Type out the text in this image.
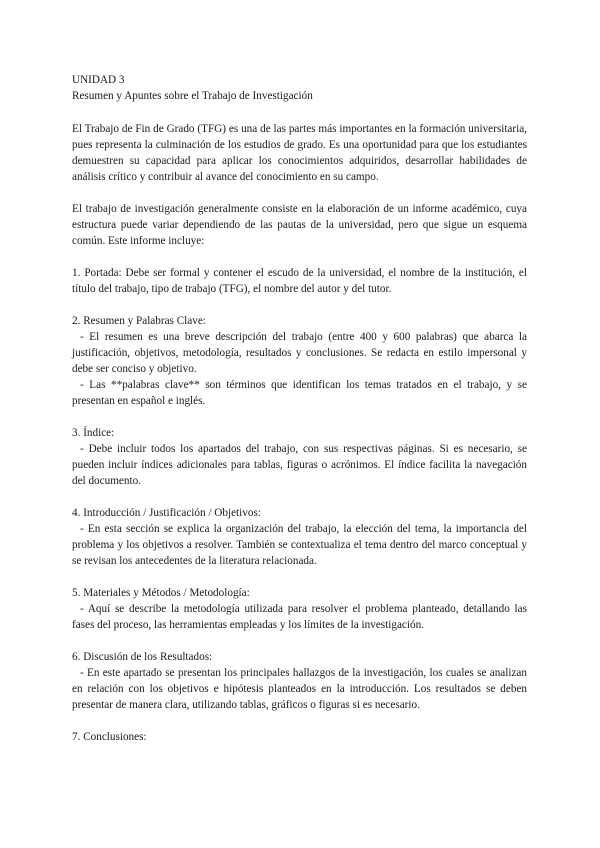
UNIDAD 3
Resumen y Apuntes sobre el Trabajo de Investigación

El Trabajo de Fin de Grado (TFG) es una de las partes más importantes en la formación universitaria, pues representa la culminación de los estudios de grado. Es una oportunidad para que los estudiantes demuestren su capacidad para aplicar los conocimientos adquiridos, desarrollar habilidades de análisis crítico y contribuir al avance del conocimiento en su campo.

El trabajo de investigación generalmente consiste en la elaboración de un informe académico, cuya estructura puede variar dependiendo de las pautas de la universidad, pero que sigue un esquema común. Este informe incluye:

1. Portada: Debe ser formal y contener el escudo de la universidad, el nombre de la institución, el título del trabajo, tipo de trabajo (TFG), el nombre del autor y del tutor.

2. Resumen y Palabras Clave:
- El resumen es una breve descripción del trabajo (entre 400 y 600 palabras) que abarca la justificación, objetivos, metodología, resultados y conclusiones. Se redacta en estilo impersonal y debe ser conciso y objetivo.
- Las **palabras clave** son términos que identifican los temas tratados en el trabajo, y se presentan en español e inglés.
3. Índice:
- Debe incluir todos los apartados del trabajo, con sus respectivas páginas. Si es necesario, se pueden incluir índices adicionales para tablas, figuras o acrónimos. El índice facilita la navegación del documento.
4. Introducción / Justificación / Objetivos:
- En esta sección se explica la organización del trabajo, la elección del tema, la importancia del problema y los objetivos a resolver. También se contextualiza el tema dentro del marco conceptual y se revisan los antecedentes de la literatura relacionada.
5. Materiales y Métodos / Metodología:
- Aquí se describe la metodología utilizada para resolver el problema planteado, detallando las fases del proceso, las herramientas empleadas y los límites de la investigación.
6. Discusión de los Resultados:
- En este apartado se presentan los principales hallazgos de la investigación, los cuales se analizan en relación con los objetivos e hipótesis planteados en la introducción. Los resultados se deben presentar de manera clara, utilizando tablas, gráficos o figuras si es necesario.
7. Conclusiones:
